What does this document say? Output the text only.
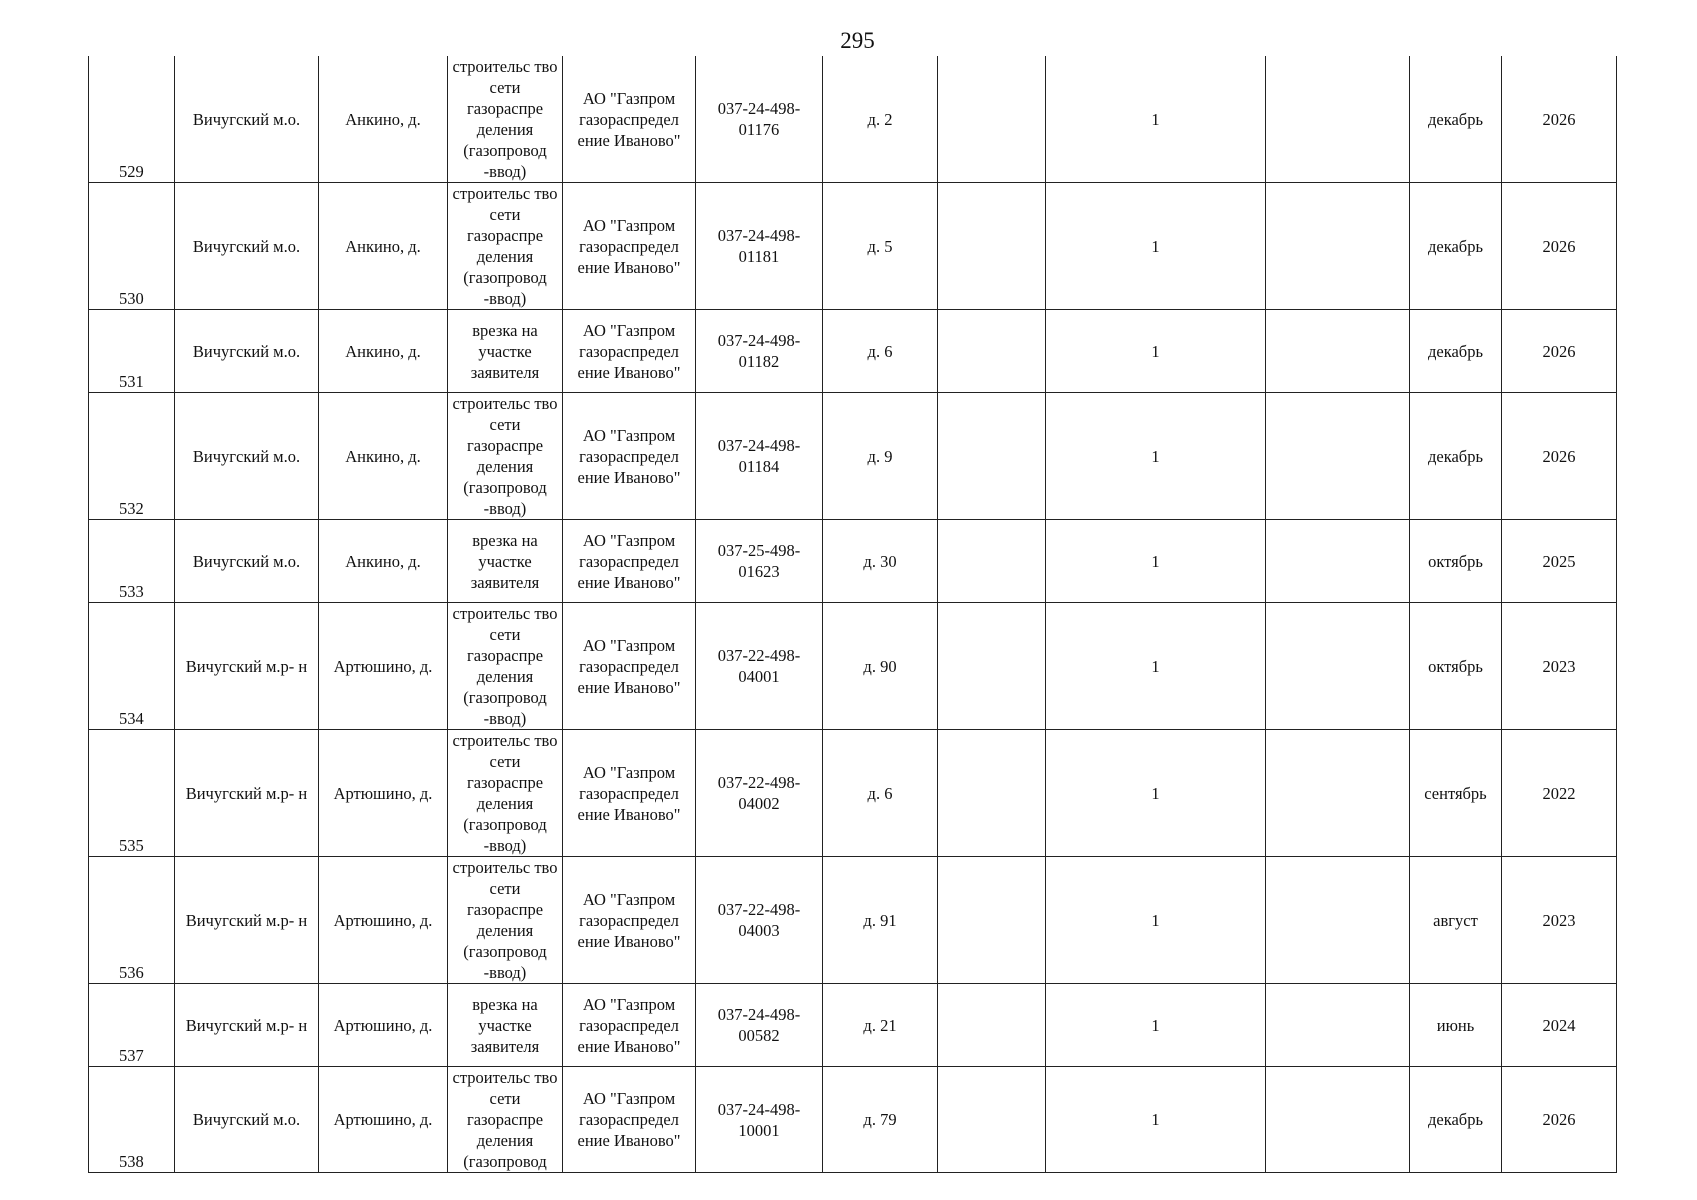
295
529	Вичугский м.о.	Анкино, д.	строительс тво сети газораспре деления (газопровод -ввод)	АО "Газпром газораспредел ение Иваново"	037-24-498- 01176	д. 2		1		декабрь	2026
530	Вичугский м.о.	Анкино, д.	строительс тво сети газораспре деления (газопровод -ввод)	АО "Газпром газораспредел ение Иваново"	037-24-498- 01181	д. 5		1		декабрь	2026
531	Вичугский м.о.	Анкино, д.	врезка на участке заявителя	АО "Газпром газораспредел ение Иваново"	037-24-498- 01182	д. 6		1		декабрь	2026
532	Вичугский м.о.	Анкино, д.	строительс тво сети газораспре деления (газопровод -ввод)	АО "Газпром газораспредел ение Иваново"	037-24-498- 01184	д. 9		1		декабрь	2026
533	Вичугский м.о.	Анкино, д.	врезка на участке заявителя	АО "Газпром газораспредел ение Иваново"	037-25-498- 01623	д. 30		1		октябрь	2025
534	Вичугский м.р- н	Артюшино, д.	строительс тво сети газораспре деления (газопровод -ввод)	АО "Газпром газораспредел ение Иваново"	037-22-498- 04001	д. 90		1		октябрь	2023
535	Вичугский м.р- н	Артюшино, д.	строительс тво сети газораспре деления (газопровод -ввод)	АО "Газпром газораспредел ение Иваново"	037-22-498- 04002	д. 6		1		сентябрь	2022
536	Вичугский м.р- н	Артюшино, д.	строительс тво сети газораспре деления (газопровод -ввод)	АО "Газпром газораспредел ение Иваново"	037-22-498- 04003	д. 91		1		август	2023
537	Вичугский м.р- н	Артюшино, д.	врезка на участке заявителя	АО "Газпром газораспредел ение Иваново"	037-24-498- 00582	д. 21		1		июнь	2024
538	Вичугский м.о.	Артюшино, д.	строительс тво сети газораспре деления (газопровод	АО "Газпром газораспредел ение Иваново"	037-24-498- 10001	д. 79		1		декабрь	2026
